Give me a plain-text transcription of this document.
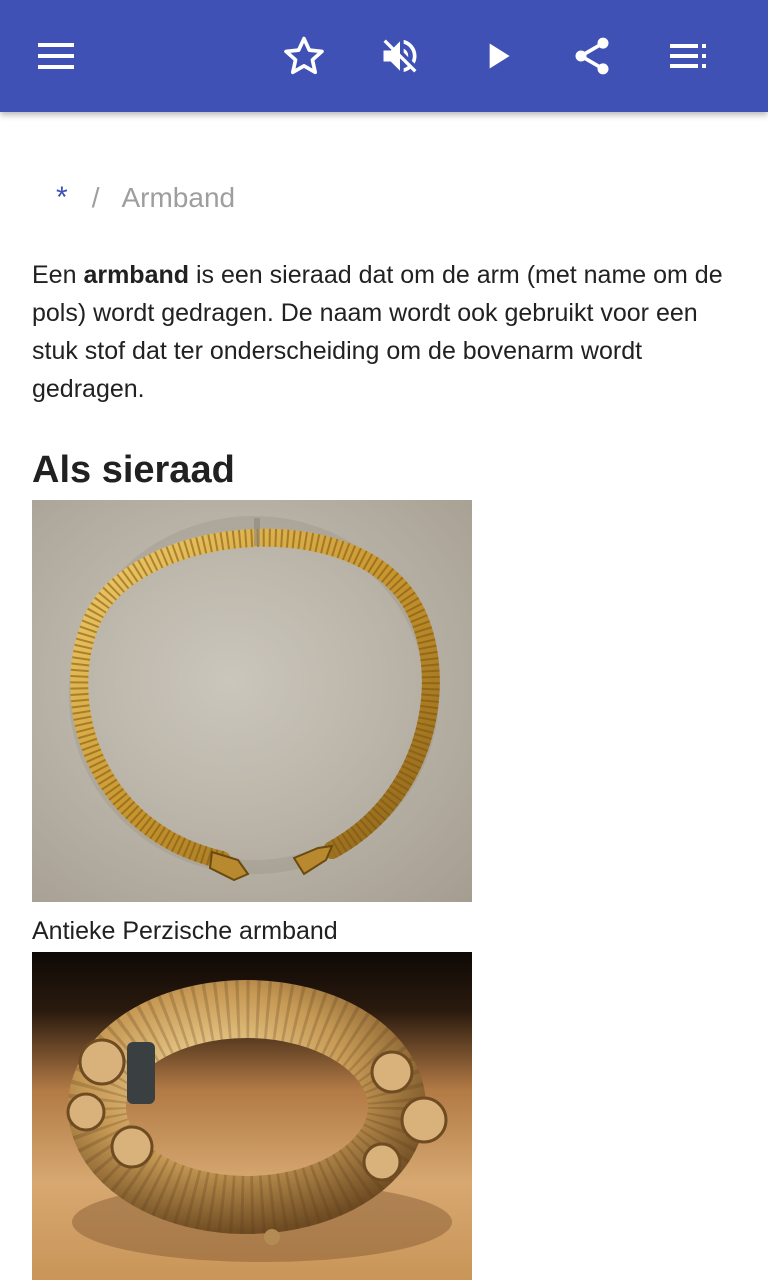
* / Armband

Een armband is een sieraad dat om de arm (met name om de pols) wordt gedragen. De naam wordt ook gebruikt voor een stuk stof dat ter onderscheiding om de bovenarm wordt gedragen.

Als sieraad

Antieke Perzische armband
